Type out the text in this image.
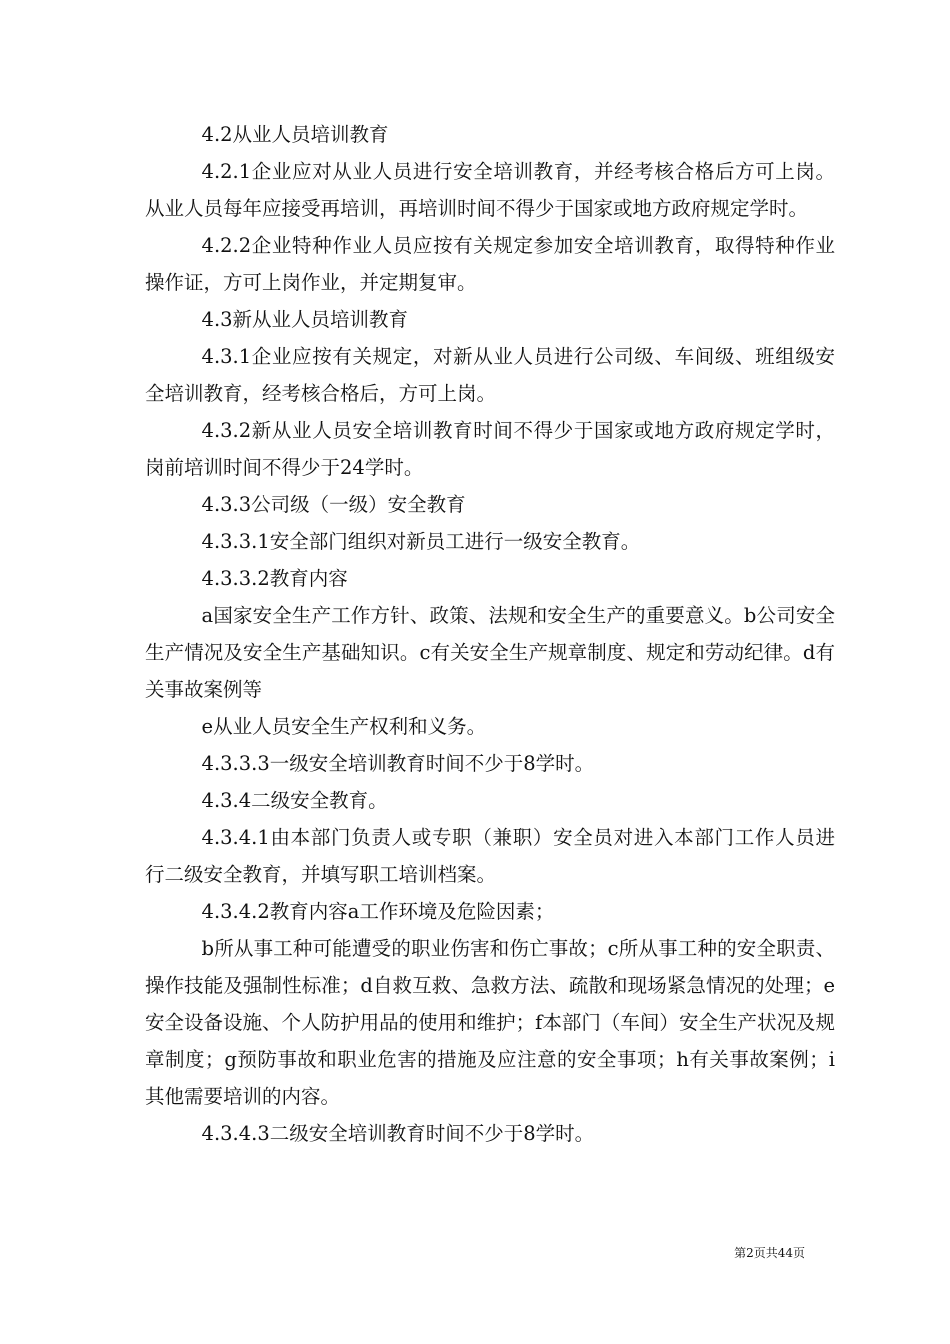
4.2从业人员培训教育

4.2.1企业应对从业人员进行安全培训教育，并经考核合格后方可上岗。从业人员每年应接受再培训，再培训时间不得少于国家或地方政府规定学时。

4.2.2企业特种作业人员应按有关规定参加安全培训教育，取得特种作业操作证，方可上岗作业，并定期复审。

4.3新从业人员培训教育

4.3.1企业应按有关规定，对新从业人员进行公司级、车间级、班组级安全培训教育，经考核合格后，方可上岗。

4.3.2新从业人员安全培训教育时间不得少于国家或地方政府规定学时，岗前培训时间不得少于24学时。

4.3.3公司级（一级）安全教育

4.3.3.1安全部门组织对新员工进行一级安全教育。

4.3.3.2教育内容

a国家安全生产工作方针、政策、法规和安全生产的重要意义。b公司安全生产情况及安全生产基础知识。c有关安全生产规章制度、规定和劳动纪律。d有关事故案例等

e从业人员安全生产权利和义务。

4.3.3.3一级安全培训教育时间不少于8学时。

4.3.4二级安全教育。

4.3.4.1由本部门负责人或专职（兼职）安全员对进入本部门工作人员进行二级安全教育，并填写职工培训档案。

4.3.4.2教育内容a工作环境及危险因素；

b所从事工种可能遭受的职业伤害和伤亡事故；c所从事工种的安全职责、操作技能及强制性标准；d自救互救、急救方法、疏散和现场紧急情况的处理；e安全设备设施、个人防护用品的使用和维护；f本部门（车间）安全生产状况及规章制度；g预防事故和职业危害的措施及应注意的安全事项；h有关事故案例；i其他需要培训的内容。

4.3.4.3二级安全培训教育时间不少于8学时。

第2页共44页
